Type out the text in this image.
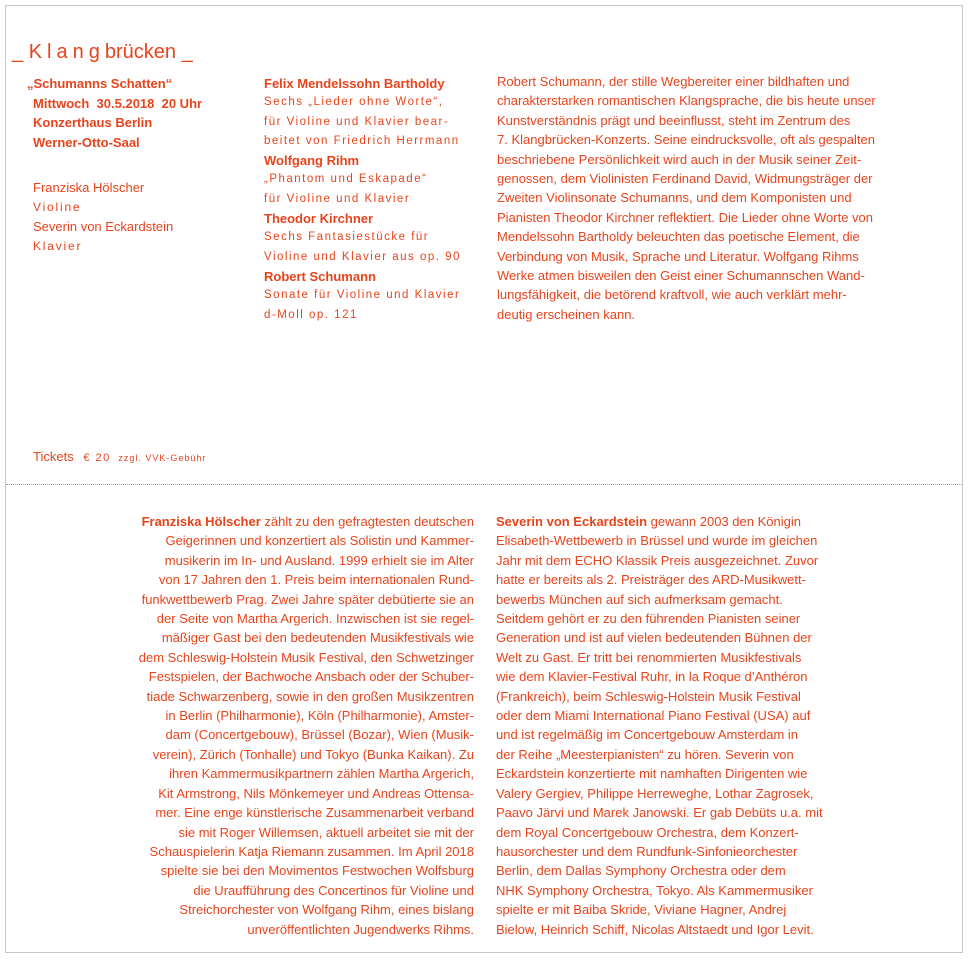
_ Klangbrücken _
„Schumanns Schatten“
Mittwoch  30.5.2018  20 Uhr
Konzerthaus Berlin
Werner-Otto-Saal
Franziska Hölscher
Violine
Severin von Eckardstein
Klavier
Felix Mendelssohn Bartholdy
Sechs „Lieder ohne Worte“,
für Violine und Klavier bear-
beitet von Friedrich Herrmann
Wolfgang Rihm
„Phantom und Eskapade“
für Violine und Klavier
Theodor Kirchner
Sechs Fantasiestücke für
Violine und Klavier aus op. 90
Robert Schumann
Sonate für Violine und Klavier
d-Moll op. 121

Robert Schumann, der stille Wegbereiter einer bildhaften und

charakterstarken romantischen Klangsprache, die bis heute unser

Kunstverständnis prägt und beeinflusst, steht im Zentrum des

7. Klangbrücken-Konzerts. Seine eindrucksvolle, oft als gespalten

beschriebene Persönlichkeit wird auch in der Musik seiner Zeit-

genossen, dem Violinisten Ferdinand David, Widmungsträger der

Zweiten Violinsonate Schumanns, und dem Komponisten und

Pianisten Theodor Kirchner reflektiert. Die Lieder ohne Worte von

Mendelssohn Bartholdy beleuchten das poetische Element, die

Verbindung von Musik, Sprache und Literatur. Wolfgang Rihms

Werke atmen bisweilen den Geist einer Schumannschen Wand-

lungsfähigkeit, die betörend kraftvoll, wie auch verklärt mehr-

deutig erscheinen kann.

Tickets € 20 zzgl. VVK-Gebühr

Franziska Hölscher zählt zu den gefragtesten deutschen

Geigerinnen und konzertiert als Solistin und Kammer-

musikerin im In- und Ausland. 1999 erhielt sie im Alter

von 17 Jahren den 1. Preis beim internationalen Rund-

funkwettbewerb Prag. Zwei Jahre später debütierte sie an

der Seite von Martha Argerich. Inzwischen ist sie regel-

mäßiger Gast bei den bedeutenden Musikfestivals wie

dem Schleswig-Holstein Musik Festival, den Schwetzinger

Festspielen, der Bachwoche Ansbach oder der Schuber-

tiade Schwarzenberg, sowie in den großen Musikzentren

in Berlin (Philharmonie), Köln (Philharmonie), Amster-

dam (Concertgebouw), Brüssel (Bozar), Wien (Musik-

verein), Zürich (Tonhalle) und Tokyo (Bunka Kaikan). Zu

ihren Kammermusikpartnern zählen Martha Argerich,

Kit Armstrong, Nils Mönkemeyer und Andreas Ottensa-

mer. Eine enge künstlerische Zusammenarbeit verband

sie mit Roger Willemsen, aktuell arbeitet sie mit der

Schauspielerin Katja Riemann zusammen. Im April 2018

spielte sie bei den Movimentos Festwochen Wolfsburg

die Uraufführung des Concertinos für Violine und

Streichorchester von Wolfgang Rihm, eines bislang

unveröffentlichten Jugendwerks Rihms.

Severin von Eckardstein gewann 2003 den Königin

Elisabeth-Wettbewerb in Brüssel und wurde im gleichen

Jahr mit dem ECHO Klassik Preis ausgezeichnet. Zuvor

hatte er bereits als 2. Preisträger des ARD-Musikwett-

bewerbs München auf sich aufmerksam gemacht.

Seitdem gehört er zu den führenden Pianisten seiner

Generation und ist auf vielen bedeutenden Bühnen der

Welt zu Gast. Er tritt bei renommierten Musikfestivals

wie dem Klavier-Festival Ruhr, in la Roque d’Anthéron

(Frankreich), beim Schleswig-Holstein Musik Festival

oder dem Miami International Piano Festival (USA) auf

und ist regelmäßig im Concertgebouw Amsterdam in

der Reihe „Meesterpianisten“ zu hören. Severin von

Eckardstein konzertierte mit namhaften Dirigenten wie

Valery Gergiev, Philippe Herreweghe, Lothar Zagrosek,

Paavo Järvi und Marek Janowski. Er gab Debüts u.a. mit

dem Royal Concertgebouw Orchestra, dem Konzert-

hausorchester und dem Rundfunk-Sinfonieorchester

Berlin, dem Dallas Symphony Orchestra oder dem

NHK Symphony Orchestra, Tokyo. Als Kammermusiker

spielte er mit Baiba Skride, Viviane Hagner, Andrej

Bielow, Heinrich Schiff, Nicolas Altstaedt und Igor Levit.
